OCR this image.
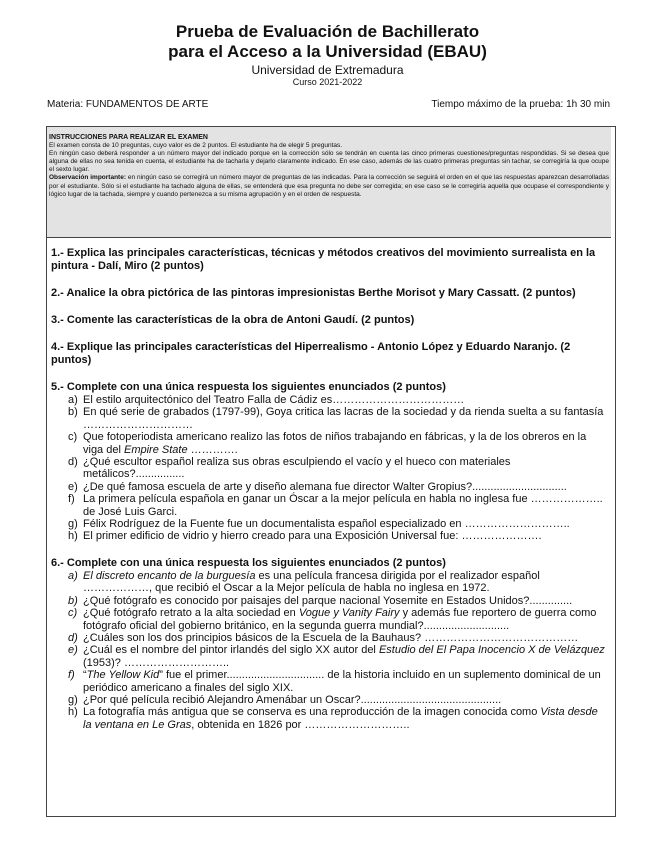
Prueba de Evaluación de Bachillerato
para el Acceso a la Universidad (EBAU)
Universidad de Extremadura
Curso 2021-2022
Materia: FUNDAMENTOS DE ARTE	Tiempo máximo de la prueba: 1h 30 min
INSTRUCCIONES PARA REALIZAR EL EXAMEN
El examen consta de 10 preguntas, cuyo valor es de 2 puntos. El estudiante ha de elegir 5 preguntas.
En ningún caso deberá responder a un número mayor del indicado porque en la corrección sólo se tendrán en cuenta las cinco primeras cuestiones/preguntas respondidas. Si se desea que alguna de ellas no sea tenida en cuenta, el estudiante ha de tacharla y dejarlo claramente indicado. En ese caso, además de las cuatro primeras preguntas sin tachar, se corregiría la que ocupe el sexto lugar.
Observación importante: en ningún caso se corregirá un número mayor de preguntas de las indicadas. Para la corrección se seguirá el orden en el que las respuestas aparezcan desarrolladas por el estudiante. Sólo si el estudiante ha tachado alguna de ellas, se entenderá que esa pregunta no debe ser corregida; en ese caso se le corregiría aquella que ocupase el correspondiente y lógico lugar de la tachada, siempre y cuando pertenezca a su misma agrupación y en el orden de respuesta.

1.- Explica las principales características, técnicas y métodos creativos del movimiento surrealista en la pintura - Dalí, Miro (2 puntos)

2.- Analice la obra pictórica de las pintoras impresionistas Berthe Morisot y Mary Cassatt. (2 puntos)

3.- Comente las características de la obra de Antoni Gaudí. (2 puntos)

4.- Explique las principales características del Hiperrealismo - Antonio López y Eduardo Naranjo. (2 puntos)

5.- Complete con una única respuesta los siguientes enunciados (2 puntos)

a) El estilo arquitectónico del Teatro Falla de Cádiz es………………………………
b) En qué serie de grabados (1797-99), Goya critica las lacras de la sociedad y da rienda suelta a su fantasía …………………………
c) Que fotoperiodista americano realizo las fotos de niños trabajando en fábricas, y la de los obreros en la viga del Empire State ………….
d) ¿Qué escultor español realiza sus obras esculpiendo el vacío y el hueco con materiales metálicos?................
e) ¿De qué famosa escuela de arte y diseño alemana fue director Walter Gropius?...............................
f) La primera película española en ganar un Óscar a la mejor película en habla no inglesa fue ……………….. de José Luis Garci.
g) Félix Rodríguez de la Fuente fue un documentalista español especializado en ………………………..
h) El primer edificio de vidrio y hierro creado para una Exposición Universal fue: ………………….

6.- Complete con una única respuesta los siguientes enunciados (2 puntos)

a) El discreto encanto de la burguesía es una película francesa dirigida por el realizador español ………………, que recibió el Oscar a la Mejor película de habla no inglesa en 1972.
b) ¿Qué fotógrafo es conocido por paisajes del parque nacional Yosemite en Estados Unidos?..............
c) ¿Qué fotógrafo retrato a la alta sociedad en Vogue y Vanity Fairy y además fue reportero de guerra como fotógrafo oficial del gobierno británico, en la segunda guerra mundial?............................
d) ¿Cuáles son los dos principios básicos de la Escuela de la Bauhaus? ……………………………………
e) ¿Cuál es el nombre del pintor irlandés del siglo XX autor del Estudio del El Papa Inocencio X de Velázquez (1953)? ………………………..
f) “The Yellow Kid” fue el primer................................ de la historia incluido en un suplemento dominical de un periódico americano a finales del siglo XIX.
g) ¿Por qué película recibió Alejandro Amenábar un Oscar?..............................................
h) La fotografía más antigua que se conserva es una reproducción de la imagen conocida como Vista desde la ventana en Le Gras, obtenida en 1826 por ………………………..
